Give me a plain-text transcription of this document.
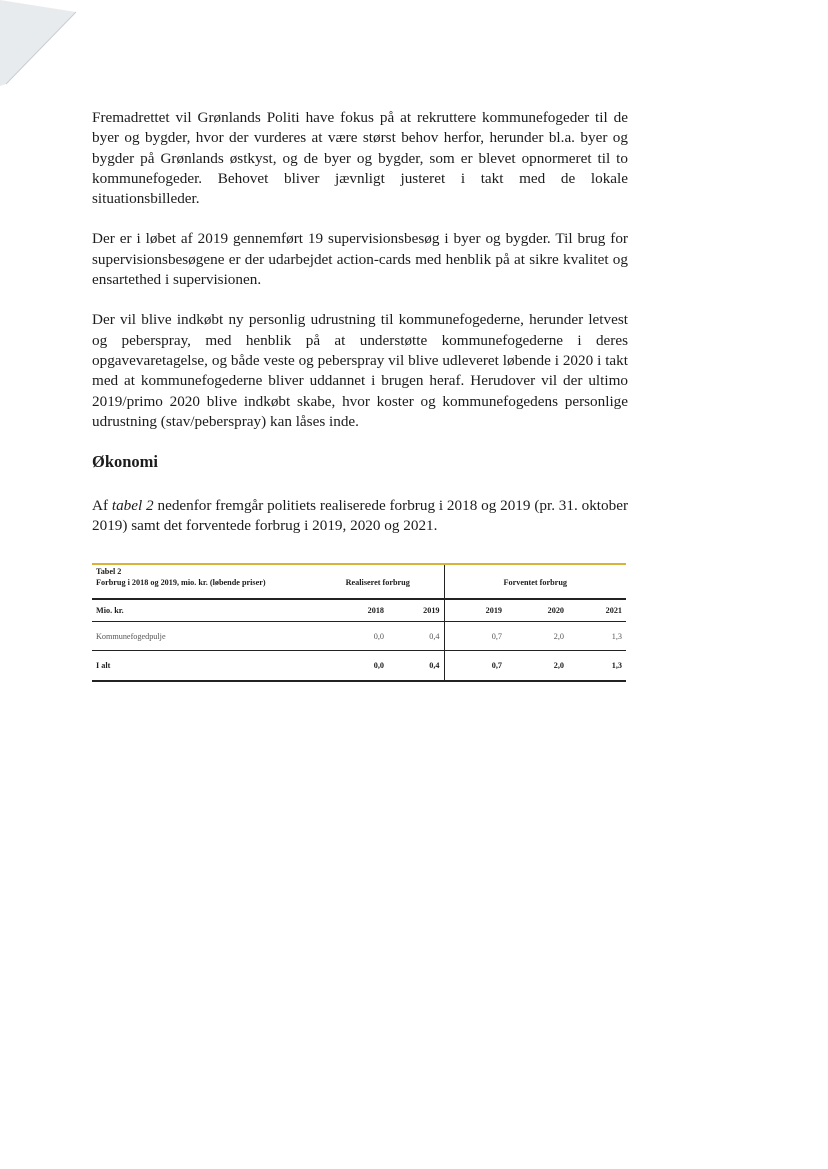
Fremadrettet vil Grønlands Politi have fokus på at rekruttere kommunefogeder til de byer og bygder, hvor der vurderes at være størst behov herfor, herunder bl.a. byer og bygder på Grønlands østkyst, og de byer og bygder, som er blevet opnormeret til to kommunefogeder. Behovet bliver jævnligt justeret i takt med de lokale situationsbilleder.

Der er i løbet af 2019 gennemført 19 supervisionsbesøg i byer og bygder. Til brug for supervisionsbesøgene er der udarbejdet action-cards med henblik på at sikre kvalitet og ensartethed i supervisionen.

Der vil blive indkøbt ny personlig udrustning til kommunefogederne, herunder letvest og peberspray, med henblik på at understøtte kommunefogederne i deres opgavevaretagelse, og både veste og peberspray vil blive udleveret løbende i 2020 i takt med at kommunefogederne bliver uddannet i brugen heraf. Herudover vil der ultimo 2019/primo 2020 blive indkøbt skabe, hvor koster og kommunefogedens personlige udrustning (stav/peberspray) kan låses inde.

Økonomi

Af tabel 2 nedenfor fremgår politiets realiserede forbrug i 2018 og 2019 (pr. 31. oktober 2019) samt det forventede forbrug i 2019, 2020 og 2021.

Tabel 2					
Forbrug i 2018 og 2019, mio. kr. (løbende priser)	Realiseret forbrug		Forventet forbrug		
Mio. kr.	2018	2019	2019	2020	2021
Kommunefogedpulje	0,0	0,4	0,7	2,0	1,3
I alt	0,0	0,4	0,7	2,0	1,3
